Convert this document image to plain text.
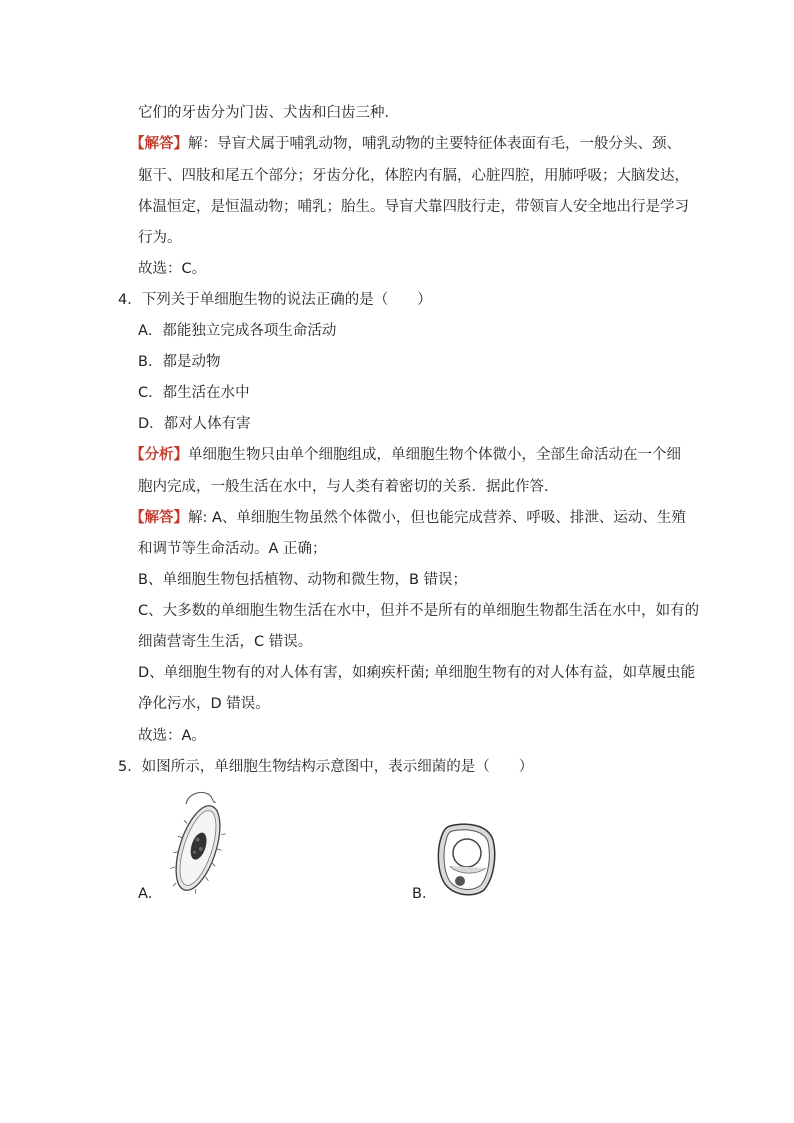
它们的牙齿分为门齿、犬齿和臼齿三种．
【解答】解：导盲犬属于哺乳动物，哺乳动物的主要特征体表面有毛，一般分头、颈、
躯干、四肢和尾五个部分；牙齿分化，体腔内有膈，心脏四腔，用肺呼吸；大脑发达，
体温恒定，是恒温动物；哺乳；胎生。导盲犬靠四肢行走，带领盲人安全地出行是学习
行为。
故选：C。
4．下列关于单细胞生物的说法正确的是（　　）
A．都能独立完成各项生命活动
B．都是动物
C．都生活在水中
D．都对人体有害
【分析】单细胞生物只由单个细胞组成，单细胞生物个体微小，全部生命活动在一个细
胞内完成，一般生活在水中，与人类有着密切的关系．据此作答．
【解答】解: A、单细胞生物虽然个体微小，但也能完成营养、呼吸、排泄、运动、生殖
和调节等生命活动。A 正确；
B、单细胞生物包括植物、动物和微生物，B 错误；
C、大多数的单细胞生物生活在水中，但并不是所有的单细胞生物都生活在水中，如有的
细菌营寄生生活，C 错误。
D、单细胞生物有的对人体有害，如痢疾杆菌; 单细胞生物有的对人体有益，如草履虫能
净化污水，D 错误。
故选：A。
5．如图所示，单细胞生物结构示意图中，表示细菌的是（　　）
A．	B．
